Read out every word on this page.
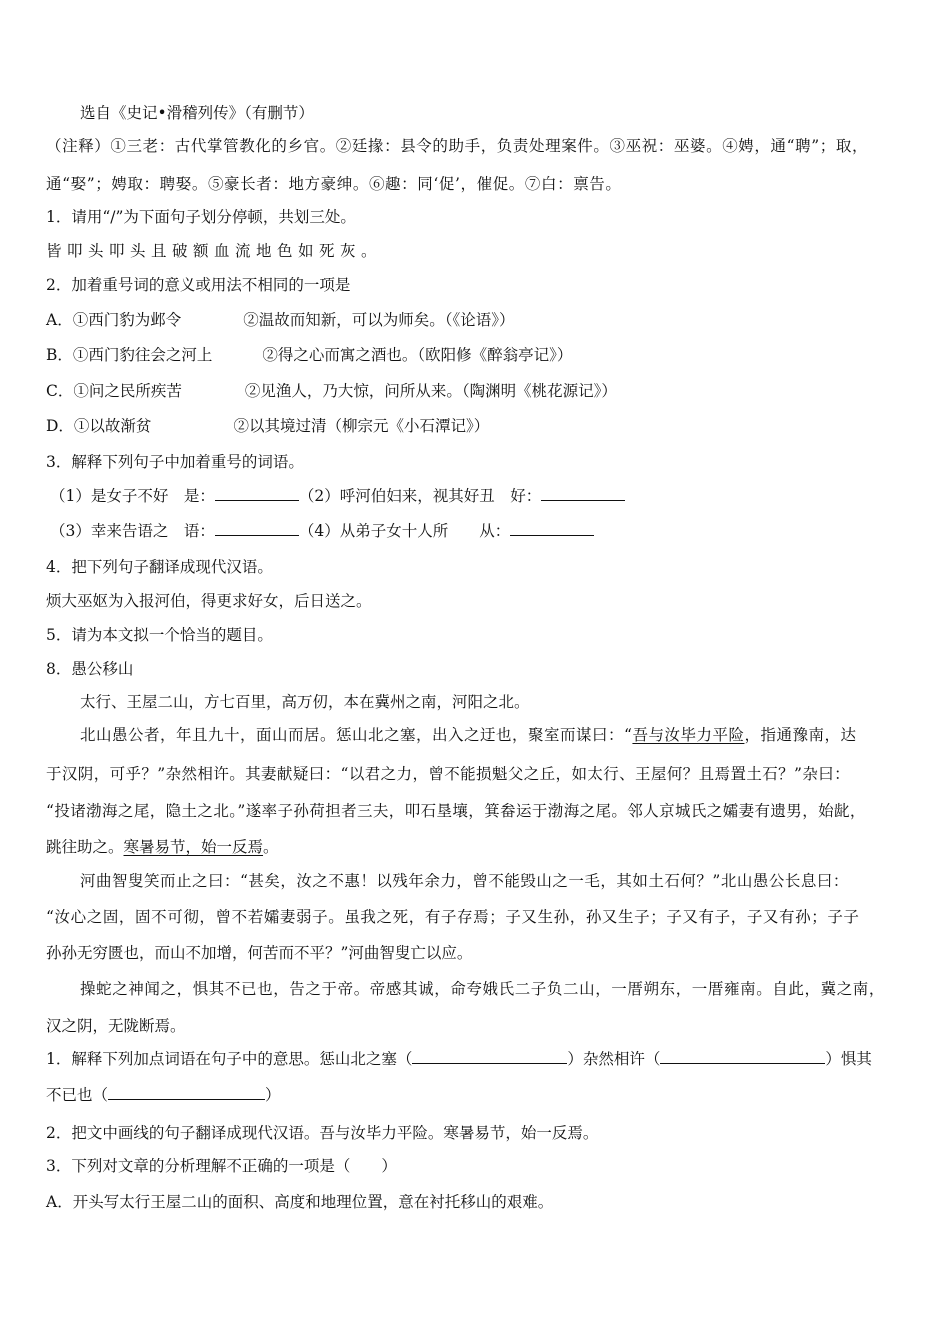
选自《史记•滑稽列传》（有删节）
（注释）①三老：古代掌管教化的乡官。②廷掾：县令的助手，负责处理案件。③巫祝：巫婆。④娉，通“聘”；取，
通“娶”；娉取：聘娶。⑤豪长者：地方豪绅。⑥趣：同‘促’，催促。⑦白：禀告。
1．请用“/”为下面句子划分停顿，共划三处。
皆叩头叩头且破额血流地色如死灰。
2．加着重号词的意义或用法不相同的一项是
A．①西门豹为邺令	②温故而知新，可以为师矣。（《论语》）
B．①西门豹往会之河上	②得之心而寓之酒也。（欧阳修《醉翁亭记》）
C．①问之民所疾苦	②见渔人，乃大惊，问所从来。（陶渊明《桃花源记》）
D．①以故渐贫	②以其境过清（柳宗元《小石潭记》）
3．解释下列句子中加着重号的词语。
（1）是女子不好　是：	（2）呼河伯妇来，视其好丑　好：
（3）幸来告语之　语：	（4）从弟子女十人所　　从：
4．把下列句子翻译成现代汉语。
烦大巫妪为入报河伯，得更求好女，后日送之。
5．请为本文拟一个恰当的题目。
8．愚公移山
太行、王屋二山，方七百里，高万仞，本在冀州之南，河阳之北。
北山愚公者，年且九十，面山而居。惩山北之塞，出入之迂也，聚室而谋曰：“吾与汝毕力平险，指通豫南，达
于汉阴，可乎？”杂然相许。其妻献疑曰：“以君之力，曾不能损魁父之丘，如太行、王屋何？且焉置土石？”杂曰：
“投诸渤海之尾，隐土之北。”遂率子孙荷担者三夫，叩石垦壤，箕畚运于渤海之尾。邻人京城氏之孀妻有遗男，始龀，
跳往助之。寒暑易节，始一反焉。
河曲智叟笑而止之曰：“甚矣，汝之不惠！以残年余力，曾不能毁山之一毛，其如土石何？”北山愚公长息曰：
“汝心之固，固不可彻，曾不若孀妻弱子。虽我之死，有子存焉；子又生孙，孙又生子；子又有子，子又有孙；子子
孙孙无穷匮也，而山不加增，何苦而不平？”河曲智叟亡以应。
操蛇之神闻之，惧其不已也，告之于帝。帝感其诚，命夸娥氏二子负二山，一厝朔东，一厝雍南。自此，冀之南，
汉之阴，无陇断焉。
1．解释下列加点词语在句子中的意思。惩山北之塞（	）杂然相许（	）惧其
不已也（	）
2．把文中画线的句子翻译成现代汉语。吾与汝毕力平险。寒暑易节，始一反焉。
3．下列对文章的分析理解不正确的一项是（　　）
A．开头写太行王屋二山的面积、高度和地理位置，意在衬托移山的艰难。
